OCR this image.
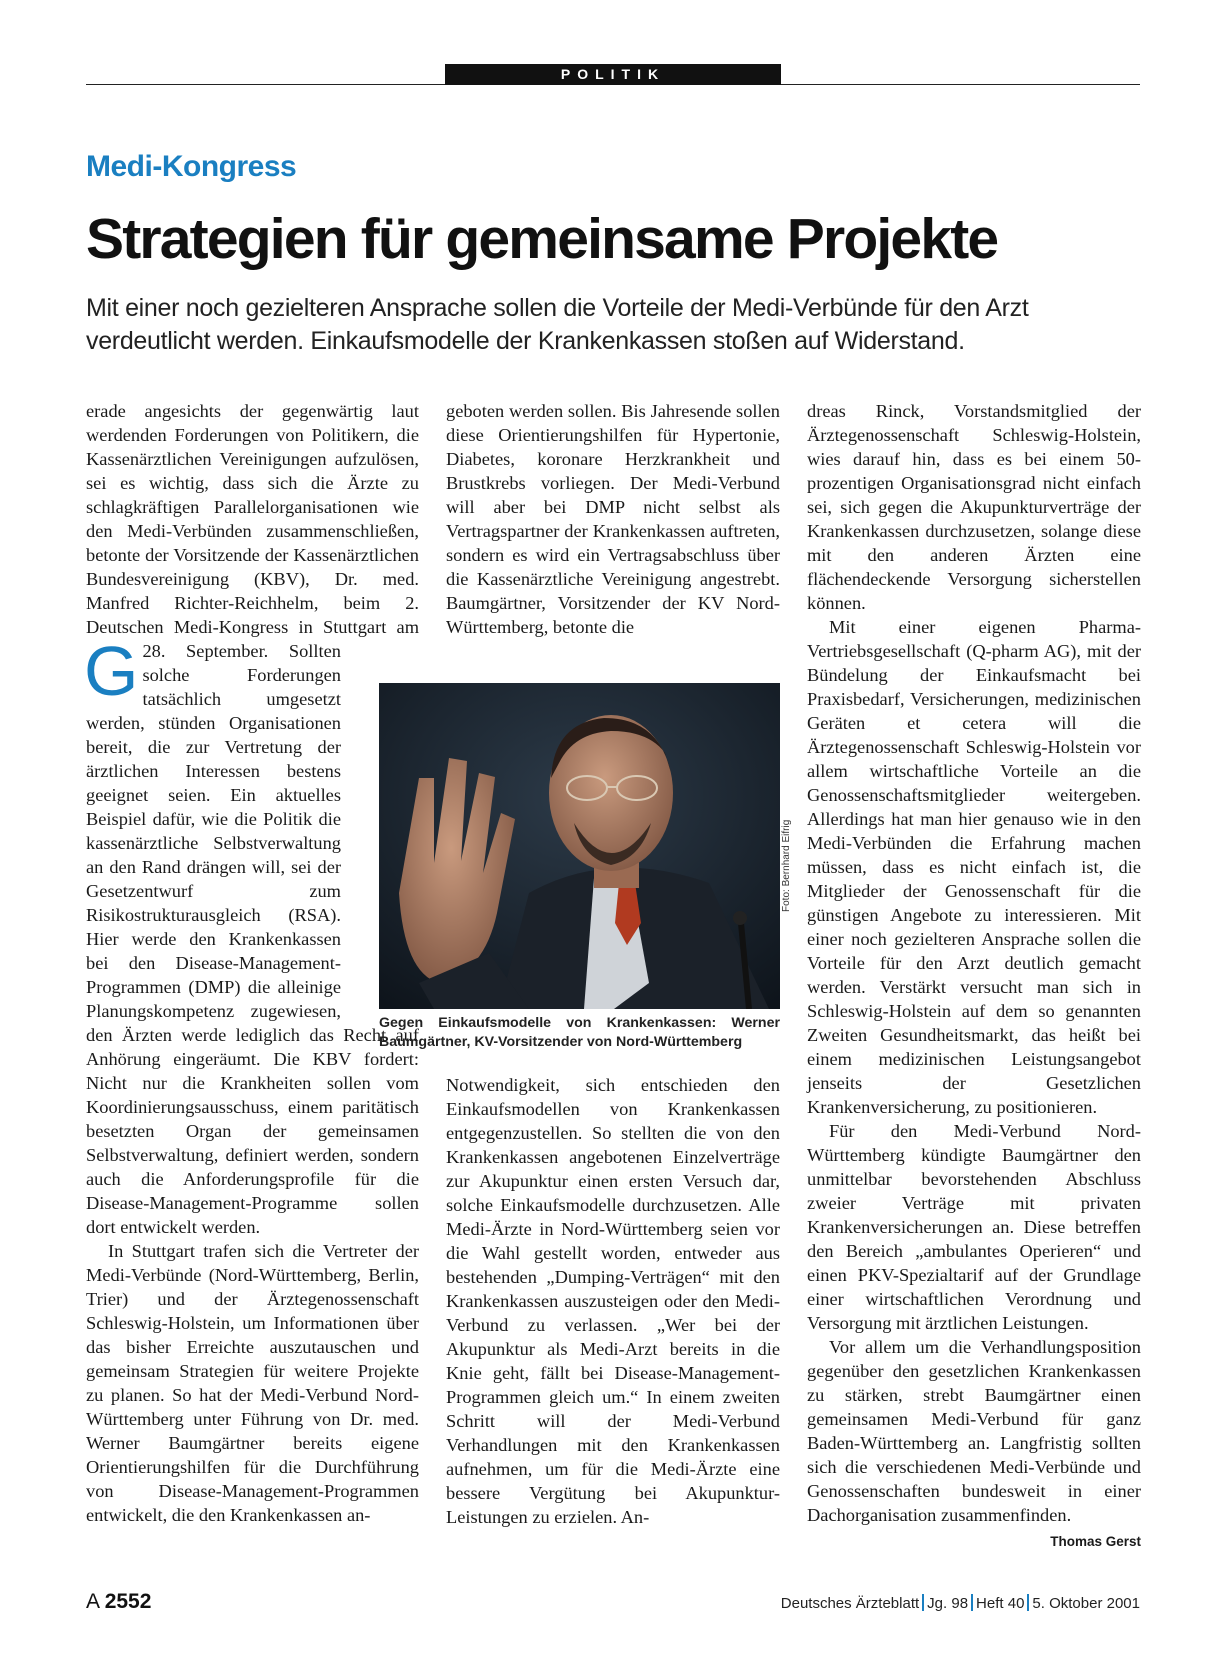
POLITIK
Medi-Kongress
Strategien für gemeinsame Projekte
Mit einer noch gezielteren Ansprache sollen die Vorteile der Medi-Verbünde für den Arzt verdeutlicht werden. Einkaufsmodelle der Krankenkassen stoßen auf Widerstand.

G
erade angesichts der gegenwärtig laut werdenden Forderungen von Politikern, die Kassenärztlichen Vereinigungen aufzulösen, sei es wichtig, dass sich die Ärzte zu schlagkräftigen Parallelorganisationen wie den Medi-Verbünden zusammenschließen, betonte der Vorsitzende der Kassenärztlichen Bundesvereinigung (KBV), Dr. med. Manfred Richter-Reichhelm, beim 2. Deutschen Medi-Kongress in Stuttgart am 28. September. Sollten solche Forderungen tatsächlich umgesetzt werden, stünden Organisationen bereit, die zur Vertretung der ärztlichen Interessen bestens geeignet seien. Ein aktuelles Beispiel dafür, wie die Politik die kassenärztliche Selbstverwaltung an den Rand drängen will, sei der Gesetzentwurf zum Risikostrukturausgleich (RSA). Hier werde den Krankenkassen bei den Disease-Management-Programmen (DMP) die alleinige Planungskompetenz zugewiesen, den Ärzten werde lediglich das Recht auf Anhörung eingeräumt. Die KBV fordert: Nicht nur die Krankheiten sollen vom Koordinierungsausschuss, einem paritätisch besetzten Organ der gemeinsamen Selbstverwaltung, definiert werden, sondern auch die Anforderungsprofile für die Disease-Management-Programme sollen dort entwickelt werden.

In Stuttgart trafen sich die Vertreter der Medi-Verbünde (Nord-Württemberg, Berlin, Trier) und der Ärztegenossenschaft Schleswig-Holstein, um Informationen über das bisher Erreichte auszutauschen und gemeinsam Strategien für weitere Projekte zu planen. So hat der Medi-Verbund Nord-Württemberg unter Führung von Dr. med. Werner Baumgärtner bereits eigene Orientierungshilfen für die Durchführung von Disease-Management-Programmen entwickelt, die den Krankenkassen an-

geboten werden sollen. Bis Jahresende sollen diese Orientierungshilfen für Hypertonie, Diabetes, koronare Herzkrankheit und Brustkrebs vorliegen. Der Medi-Verbund will aber bei DMP nicht selbst als Vertragspartner der Krankenkassen auftreten, sondern es wird ein Vertragsabschluss über die Kassenärztliche Vereinigung angestrebt. Baumgärtner, Vorsitzender der KV Nord-Württemberg, betonte die

Foto: Bernhard Eifrig
Gegen Einkaufsmodelle von Krankenkassen: Werner Baumgärtner, KV-Vorsitzender von Nord-Württemberg

Notwendigkeit, sich entschieden den Einkaufsmodellen von Krankenkassen entgegenzustellen. So stellten die von den Krankenkassen angebotenen Einzelverträge zur Akupunktur einen ersten Versuch dar, solche Einkaufsmodelle durchzusetzen. Alle Medi-Ärzte in Nord-Württemberg seien vor die Wahl gestellt worden, entweder aus bestehenden „Dumping-Verträgen“ mit den Krankenkassen auszusteigen oder den Medi-Verbund zu verlassen. „Wer bei der Akupunktur als Medi-Arzt bereits in die Knie geht, fällt bei Disease-Management-Programmen gleich um.“ In einem zweiten Schritt will der Medi-Verbund Verhandlungen mit den Krankenkassen aufnehmen, um für die Medi-Ärzte eine bessere Vergütung bei Akupunktur-Leistungen zu erzielen. An-

dreas Rinck, Vorstandsmitglied der Ärztegenossenschaft Schleswig-Holstein, wies darauf hin, dass es bei einem 50-prozentigen Organisationsgrad nicht einfach sei, sich gegen die Akupunkturverträge der Krankenkassen durchzusetzen, solange diese mit den anderen Ärzten eine flächendeckende Versorgung sicherstellen können.

Mit einer eigenen Pharma-Vertriebsgesellschaft (Q-pharm AG), mit der Bündelung der Einkaufsmacht bei Praxisbedarf, Versicherungen, medizinischen Geräten et cetera will die Ärztegenossenschaft Schleswig-Holstein vor allem wirtschaftliche Vorteile an die Genossenschaftsmitglieder weitergeben. Allerdings hat man hier genauso wie in den Medi-Verbünden die Erfahrung machen müssen, dass es nicht einfach ist, die Mitglieder der Genossenschaft für die günstigen Angebote zu interessieren. Mit einer noch gezielteren Ansprache sollen die Vorteile für den Arzt deutlich gemacht werden. Verstärkt versucht man sich in Schleswig-Holstein auf dem so genannten Zweiten Gesundheitsmarkt, das heißt bei einem medizinischen Leistungsangebot jenseits der Gesetzlichen Krankenversicherung, zu positionieren.

Für den Medi-Verbund Nord-Württemberg kündigte Baumgärtner den unmittelbar bevorstehenden Abschluss zweier Verträge mit privaten Krankenversicherungen an. Diese betreffen den Bereich „ambulantes Operieren“ und einen PKV-Spezialtarif auf der Grundlage einer wirtschaftlichen Verordnung und Versorgung mit ärztlichen Leistungen.

Vor allem um die Verhandlungsposition gegenüber den gesetzlichen Krankenkassen zu stärken, strebt Baumgärtner einen gemeinsamen Medi-Verbund für ganz Baden-Württemberg an. Langfristig sollten sich die verschiedenen Medi-Verbünde und Genossenschaften bundesweit in einer Dachorganisation zusammenfinden.
Thomas Gerst

A 2552	Deutsches Ärzteblatt Jg. 98 Heft 40 5. Oktober 2001
